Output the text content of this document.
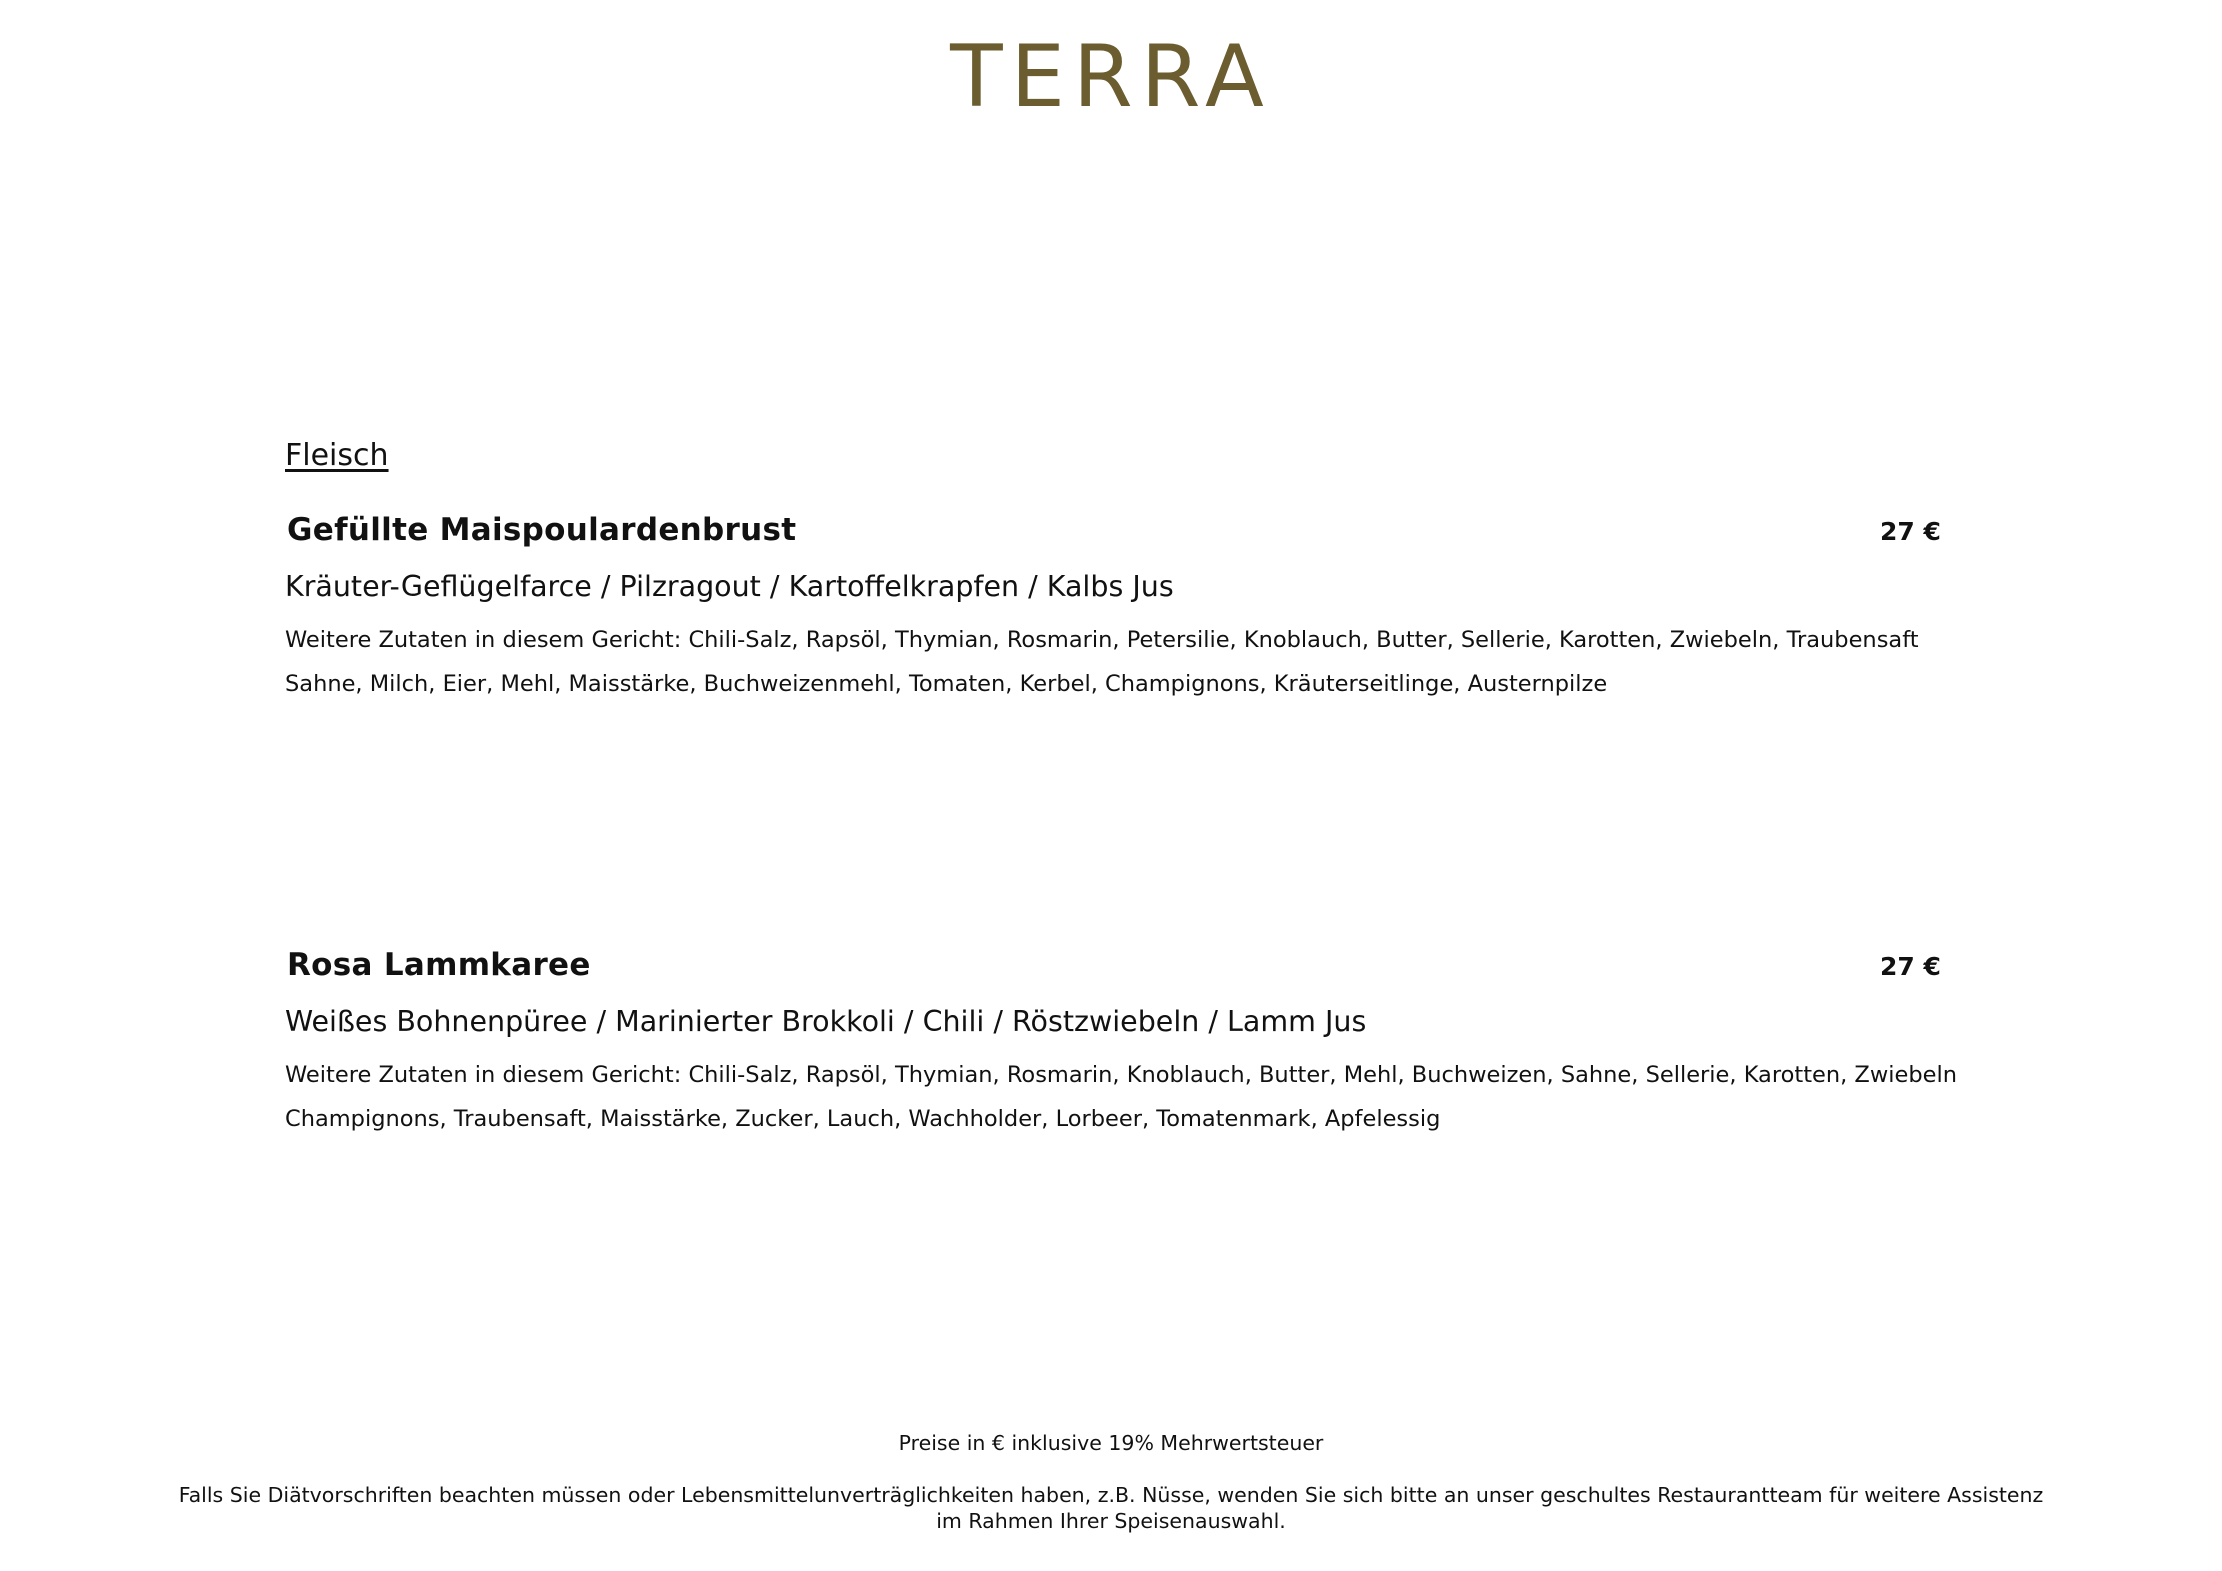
TERRA
Fleisch
Gefüllte Maispoulardenbrust	27 €
Kräuter-Geflügelfarce / Pilzragout / Kartoffelkrapfen / Kalbs Jus
Weitere Zutaten in diesem Gericht: Chili-Salz, Rapsöl, Thymian, Rosmarin, Petersilie, Knoblauch, Butter, Sellerie, Karotten, Zwiebeln, Traubensaft
Sahne, Milch, Eier, Mehl, Maisstärke, Buchweizenmehl, Tomaten, Kerbel, Champignons, Kräuterseitlinge, Austernpilze
Rosa Lammkaree	27 €
Weißes Bohnenpüree / Marinierter Brokkoli / Chili / Röstzwiebeln / Lamm Jus
Weitere Zutaten in diesem Gericht: Chili-Salz, Rapsöl, Thymian, Rosmarin, Knoblauch, Butter, Mehl, Buchweizen, Sahne, Sellerie, Karotten, Zwiebeln
Champignons, Traubensaft, Maisstärke, Zucker, Lauch, Wachholder, Lorbeer, Tomatenmark, Apfelessig
Preise in € inklusive 19% Mehrwertsteuer
Falls Sie Diätvorschriften beachten müssen oder Lebensmittelunverträglichkeiten haben, z.B. Nüsse, wenden Sie sich bitte an unser geschultes Restaurantteam für weitere Assistenz
im Rahmen Ihrer Speisenauswahl.
